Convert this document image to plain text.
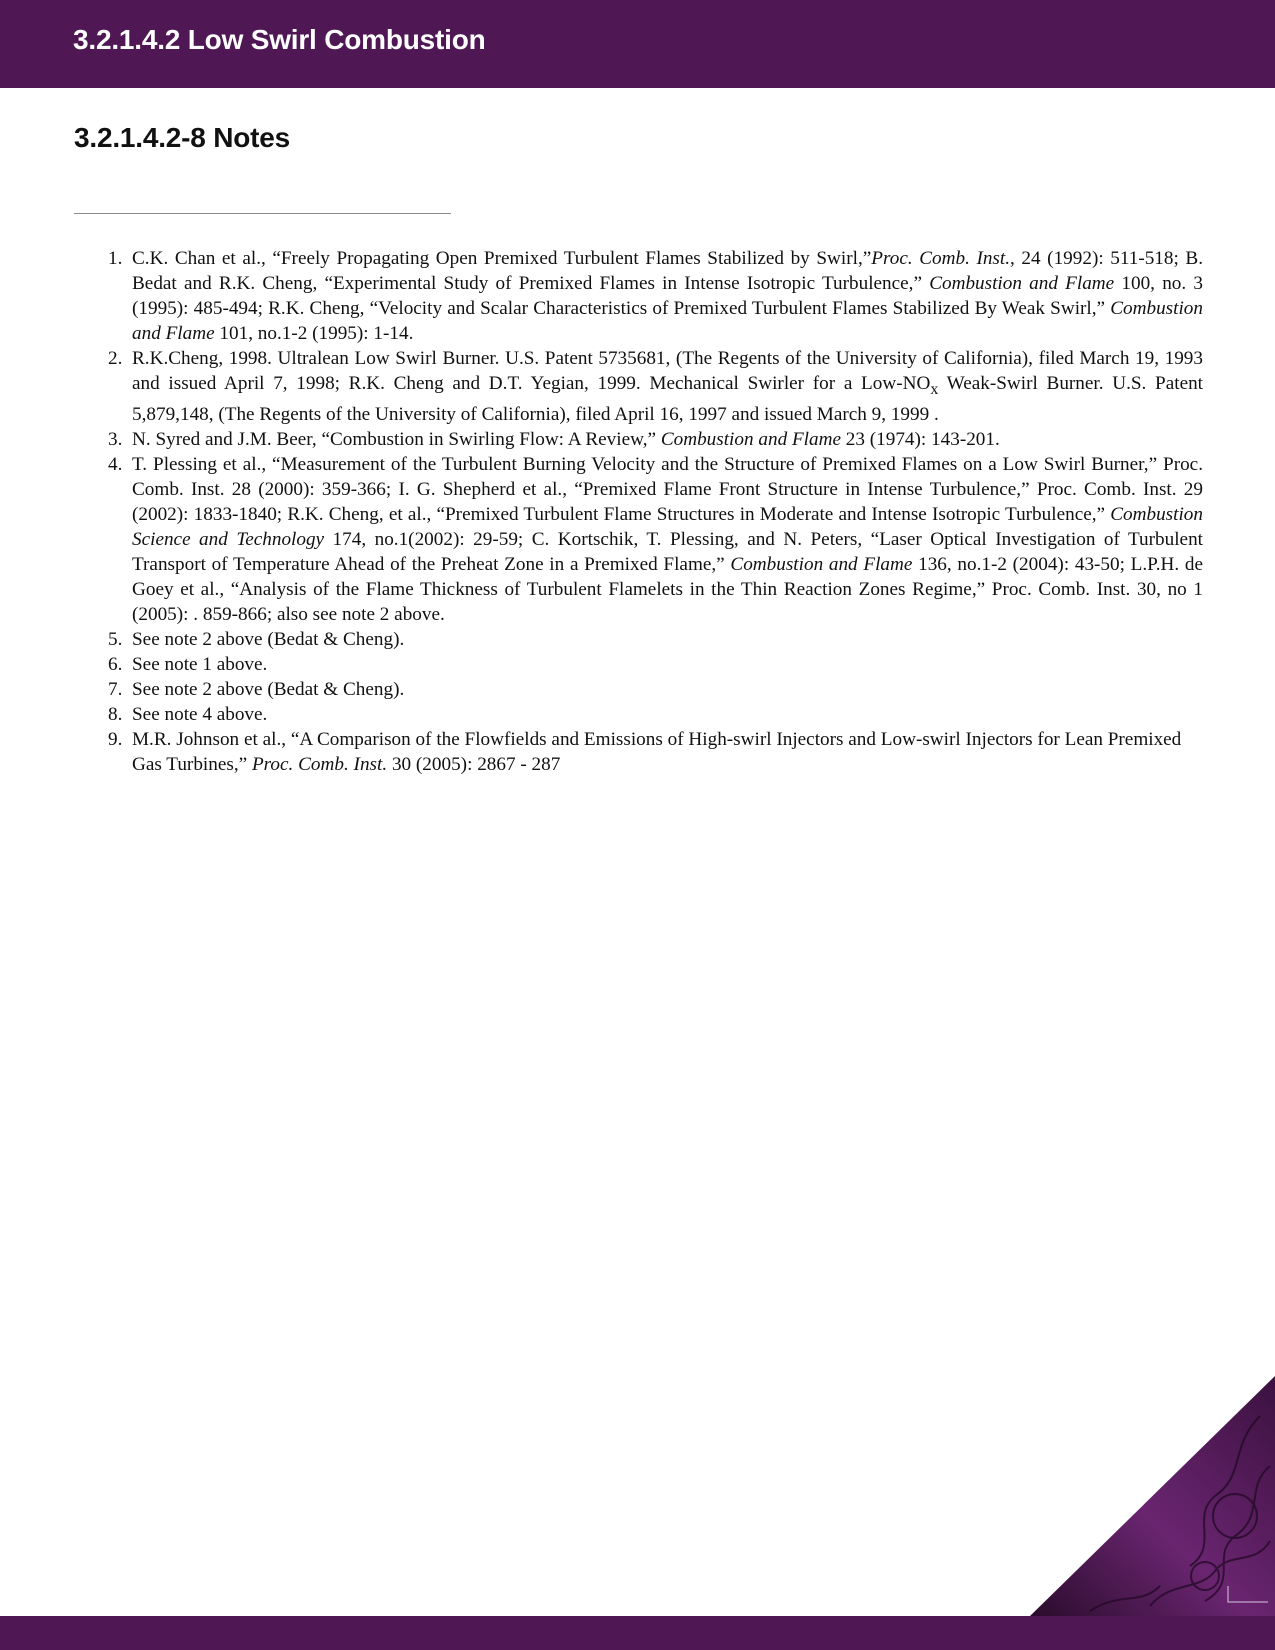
3.2.1.4.2 Low Swirl Combustion
3.2.1.4.2-8 Notes
1. C.K. Chan et al., “Freely Propagating Open Premixed Turbulent Flames Stabilized by Swirl,”Proc. Comb. Inst., 24 (1992): 511-518; B. Bedat and R.K. Cheng, “Experimental Study of Premixed Flames in Intense Isotropic Turbulence,” Combustion and Flame 100, no. 3 (1995): 485-494; R.K. Cheng, “Velocity and Scalar Characteristics of Premixed Turbulent Flames Stabilized By Weak Swirl,” Combustion and Flame 101, no.1-2 (1995): 1-14.
2. R.K.Cheng, 1998. Ultralean Low Swirl Burner. U.S. Patent 5735681, (The Regents of the University of California), filed March 19, 1993 and issued April 7, 1998; R.K. Cheng and D.T. Yegian, 1999. Mechanical Swirler for a Low-$NO_x$ Weak-Swirl Burner. U.S. Patent 5,879,148, (The Regents of the University of California), filed April 16, 1997 and issued March 9, 1999 .
3. N. Syred and J.M. Beer, “Combustion in Swirling Flow: A Review,” Combustion and Flame 23 (1974): 143-201.
4. T. Plessing et al., “Measurement of the Turbulent Burning Velocity and the Structure of Premixed Flames on a Low Swirl Burner,” Proc. Comb. Inst. 28 (2000): 359-366; I. G. Shepherd et al., “Premixed Flame Front Structure in Intense Turbulence,” Proc. Comb. Inst. 29 (2002): 1833-1840; R.K. Cheng, et al., “Premixed Turbulent Flame Structures in Moderate and Intense Isotropic Turbulence,” Combustion Science and Technology 174, no.1(2002): 29-59; C. Kortschik, T. Plessing, and N. Peters, “Laser Optical Investigation of Turbulent Transport of Temperature Ahead of the Preheat Zone in a Premixed Flame,” Combustion and Flame 136, no.1-2 (2004): 43-50; L.P.H. de Goey et al., “Analysis of the Flame Thickness of Turbulent Flamelets in the Thin Reaction Zones Regime,” Proc. Comb. Inst. 30, no 1 (2005): . 859-866; also see note 2 above.
5. See note 2 above (Bedat & Cheng).
6. See note 1 above.
7. See note 2 above (Bedat & Cheng).
8. See note 4 above.
9. M.R. Johnson et al., “A Comparison of the Flowfields and Emissions of High-swirl Injectors and Low-swirl Injectors for Lean Premixed Gas Turbines,” Proc. Comb. Inst. 30 (2005): 2867 - 287
